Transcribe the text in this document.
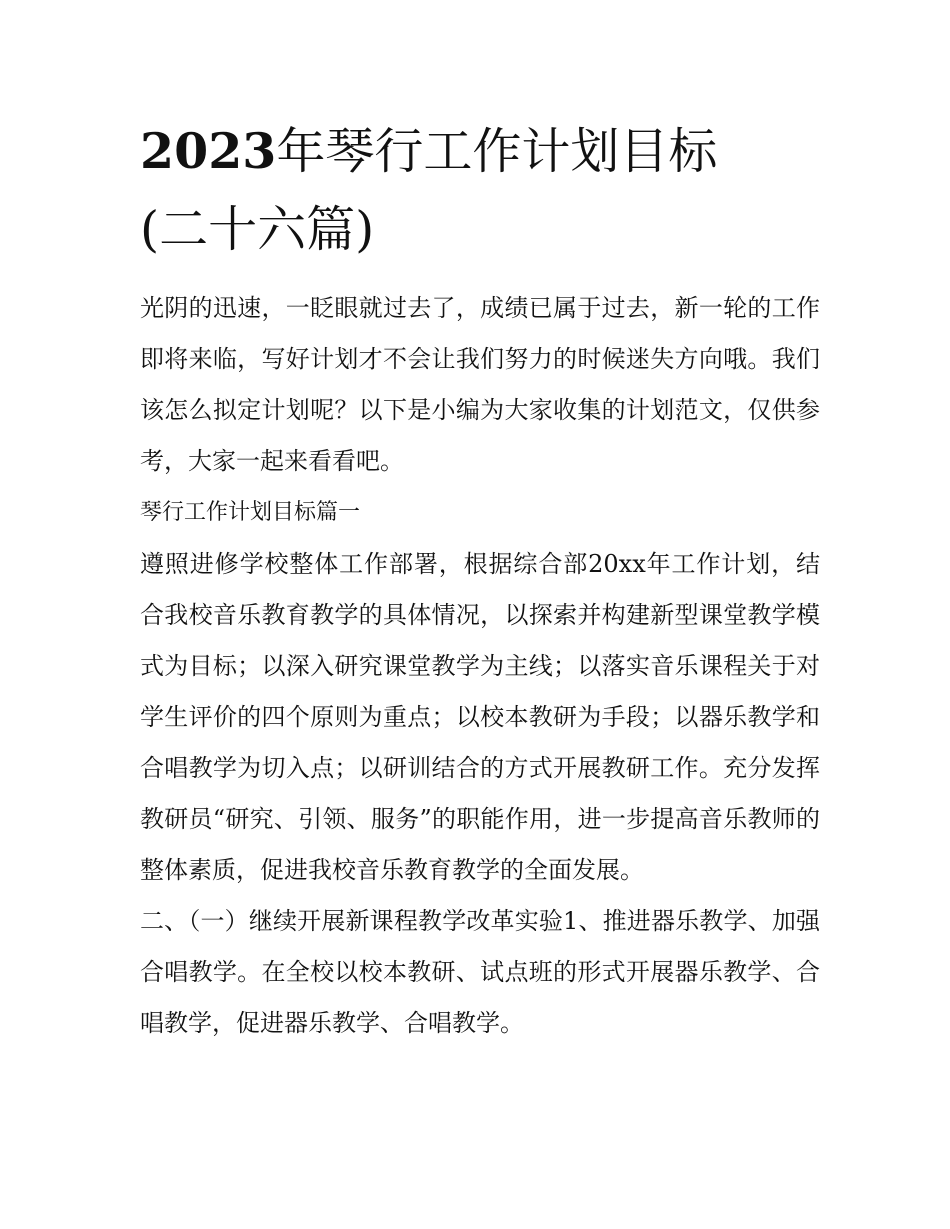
2023年琴行工作计划目标(二十六篇)

光阴的迅速，一眨眼就过去了，成绩已属于过去，新一轮的工作即将来临，写好计划才不会让我们努力的时候迷失方向哦。我们该怎么拟定计划呢？以下是小编为大家收集的计划范文，仅供参考，大家一起来看看吧。

琴行工作计划目标篇一

遵照进修学校整体工作部署，根据综合部20xx年工作计划，结合我校音乐教育教学的具体情况，以探索并构建新型课堂教学模式为目标；以深入研究课堂教学为主线；以落实音乐课程关于对学生评价的四个原则为重点；以校本教研为手段；以器乐教学和合唱教学为切入点；以研训结合的方式开展教研工作。充分发挥教研员“研究、引领、服务”的职能作用，进一步提高音乐教师的整体素质，促进我校音乐教育教学的全面发展。

二、（一）继续开展新课程教学改革实验1、推进器乐教学、加强合唱教学。在全校以校本教研、试点班的形式开展器乐教学、合唱教学，促进器乐教学、合唱教学。
